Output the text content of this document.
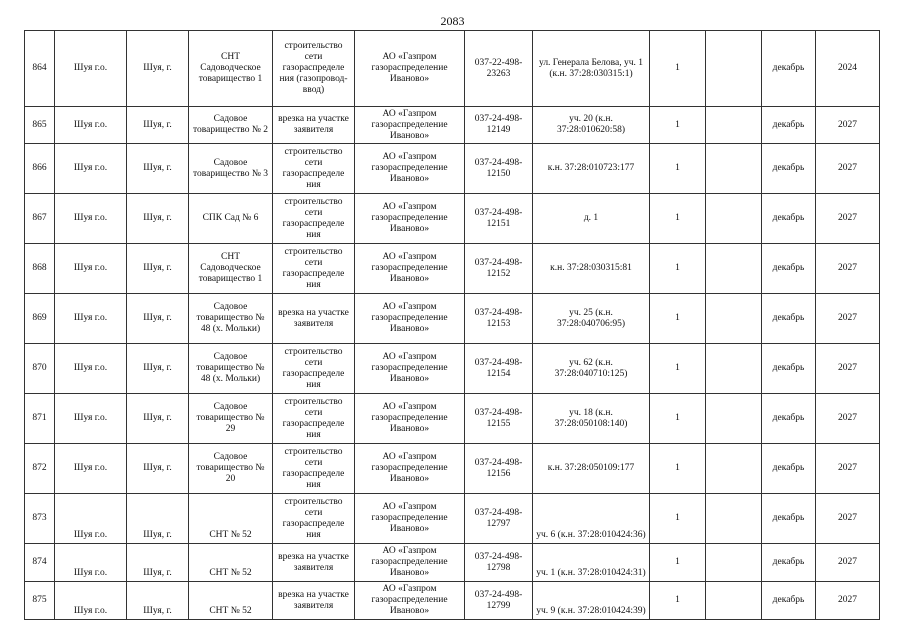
2083
864	Шуя г.о.	Шуя, г.	СНТ Садоводческое товарищество 1	строительство сети газораспределе ния (газопровод-ввод)	АО «Газпром газораспределение Иваново»	037-22-498-23263	ул. Генерала Белова, уч. 1 (к.н. 37:28:030315:1)	1		декабрь	2024
865	Шуя г.о.	Шуя, г.	Садовое товарищество № 2	врезка на участке заявителя	АО «Газпром газораспределение Иваново»	037-24-498-12149	уч. 20 (к.н. 37:28:010620:58)	1		декабрь	2027
866	Шуя г.о.	Шуя, г.	Садовое товарищество № 3	строительство сети газораспределе ния	АО «Газпром газораспределение Иваново»	037-24-498-12150	к.н. 37:28:010723:177	1		декабрь	2027
867	Шуя г.о.	Шуя, г.	СПК Сад № 6	строительство сети газораспределе ния	АО «Газпром газораспределение Иваново»	037-24-498-12151	д. 1	1		декабрь	2027
868	Шуя г.о.	Шуя, г.	СНТ Садоводческое товарищество 1	строительство сети газораспределе ния	АО «Газпром газораспределение Иваново»	037-24-498-12152	к.н. 37:28:030315:81	1		декабрь	2027
869	Шуя г.о.	Шуя, г.	Садовое товарищество № 48 (х. Мольки)	врезка на участке заявителя	АО «Газпром газораспределение Иваново»	037-24-498-12153	уч. 25 (к.н. 37:28:040706:95)	1		декабрь	2027
870	Шуя г.о.	Шуя, г.	Садовое товарищество № 48 (х. Мольки)	строительство сети газораспределе ния	АО «Газпром газораспределение Иваново»	037-24-498-12154	уч. 62 (к.н. 37:28:040710:125)	1		декабрь	2027
871	Шуя г.о.	Шуя, г.	Садовое товарищество № 29	строительство сети газораспределе ния	АО «Газпром газораспределение Иваново»	037-24-498-12155	уч. 18 (к.н. 37:28:050108:140)	1		декабрь	2027
872	Шуя г.о.	Шуя, г.	Садовое товарищество № 20	строительство сети газораспределе ния	АО «Газпром газораспределение Иваново»	037-24-498-12156	к.н. 37:28:050109:177	1		декабрь	2027
873	Шуя г.о.	Шуя, г.	СНТ № 52	строительство сети газораспределе ния	АО «Газпром газораспределение Иваново»	037-24-498-12797	уч. 6 (к.н. 37:28:010424:36)	1		декабрь	2027
874	Шуя г.о.	Шуя, г.	СНТ № 52	врезка на участке заявителя	АО «Газпром газораспределение Иваново»	037-24-498-12798	уч. 1 (к.н. 37:28:010424:31)	1		декабрь	2027
875	Шуя г.о.	Шуя, г.	СНТ № 52	врезка на участке заявителя	АО «Газпром газораспределение Иваново»	037-24-498-12799	уч. 9 (к.н. 37:28:010424:39)	1		декабрь	2027
